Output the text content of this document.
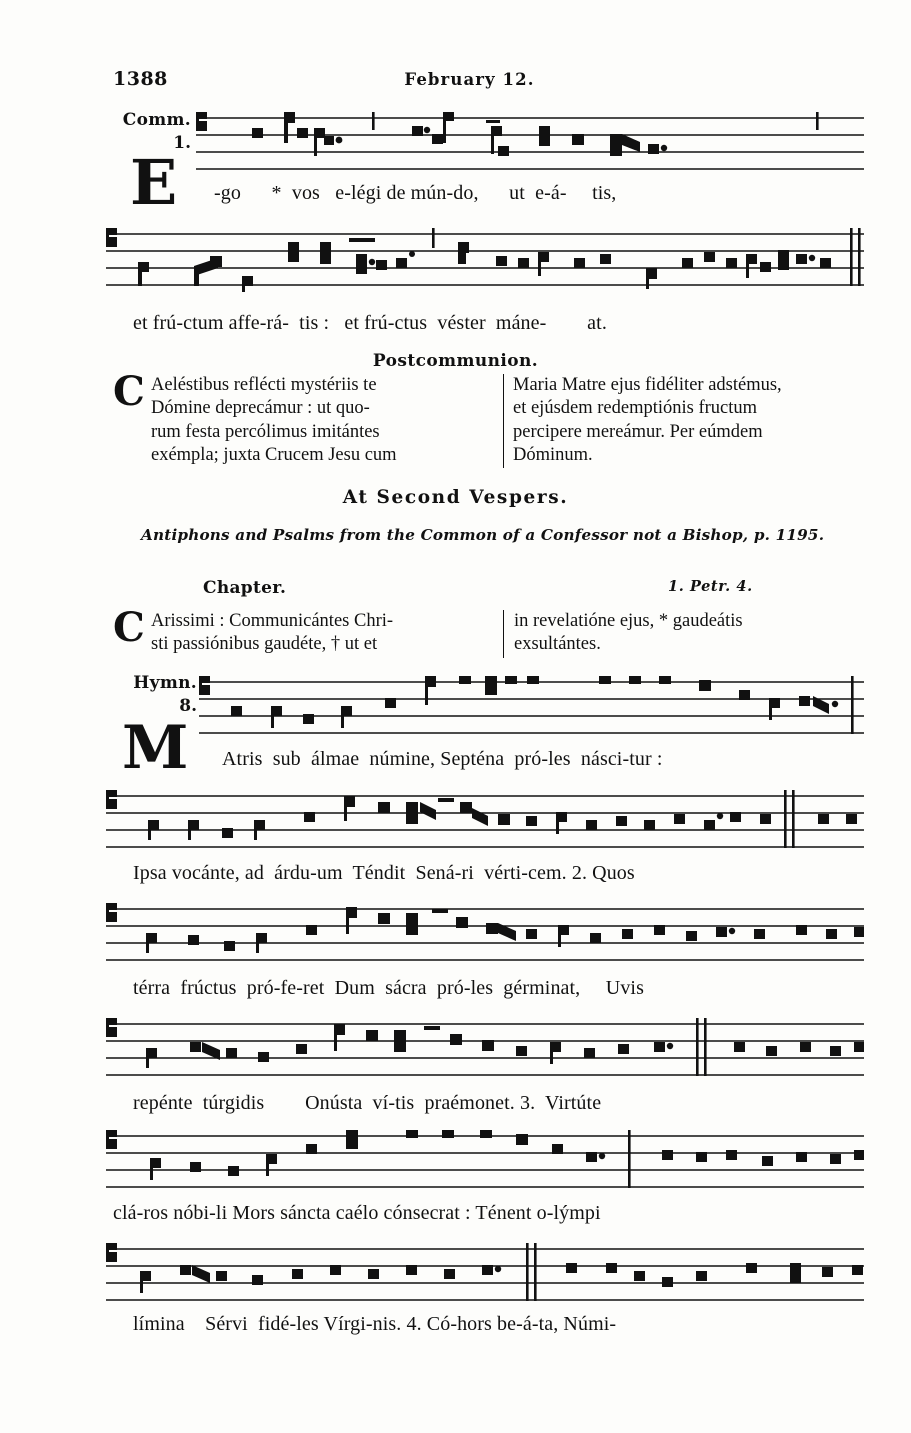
1388	February 12.
Comm.
1.
E -go      *  vos   e-légi de mún-do,      ut  e-á-     tis,
et frú-ctum affe-rá-  tis :   et frú-ctus  véster  máne-        at.
Postcommunion.
C Aeléstibus reflécti mystériis te

Dómine deprecámur : ut quo-

rum festa percólimus imitántes

exémpla; juxta Crucem Jesu cum

Maria Matre ejus fidéliter adstémus,

et ejúsdem redemptiónis fructum

percipere mereámur. Per eúmdem

Dóminum.

At Second Vespers.
Antiphons and Psalms from the Common of a Confessor not a Bishop, p. 1195.
Chapter.	1. Petr. 4.
C Arissimi : Communicántes Chri-

sti passiónibus gaudéte, † ut et

in revelatióne ejus, * gaudeátis

exsultántes.

Hymn.
8.
M Atris  sub  álmae  númine, Septéna  pró-les  násci-tur :
Ipsa vocánte, ad  árdu-um  Téndit  Sená-ri  vérti-cem. 2. Quos
térra  frúctus  pró-fe-ret  Dum  sácra  pró-les  gérminat,     Uvis
repénte  túrgidis        Onústa  ví-tis  praémonet. 3.  Virtúte
clá-ros nóbi-li Mors sáncta caélo cónsecrat : Ténent o-lýmpi
límina    Sérvi  fidé-les Vírgi-nis. 4. Có-hors be-á-ta, Númi-
